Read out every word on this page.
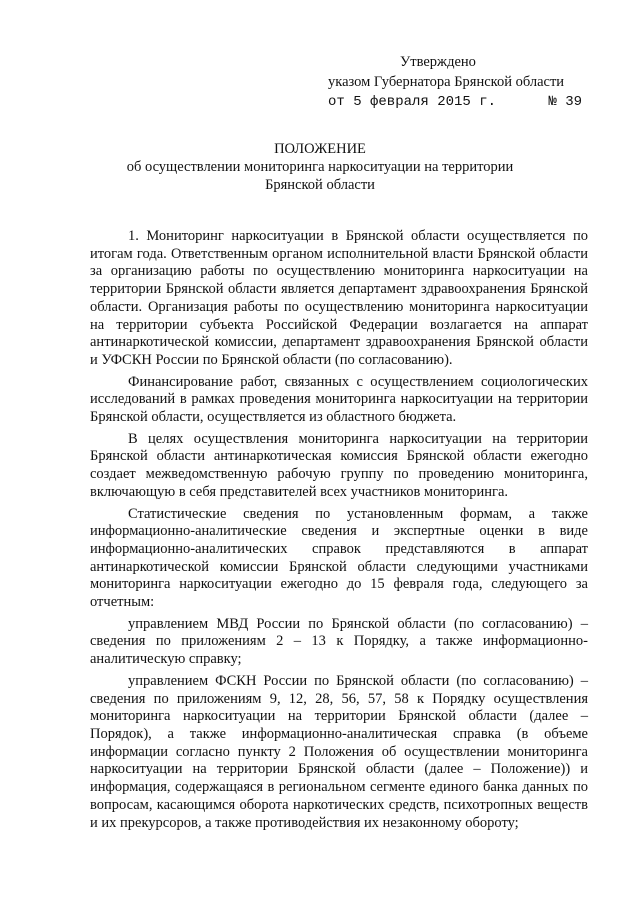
Утверждено
указом Губернатора Брянской области
от 5 февраля 2015 г.	№ 39
ПОЛОЖЕНИЕ
об осуществлении мониторинга наркоситуации на территории
Брянской области

1. Мониторинг наркоситуации в Брянской области осуществляется по итогам года. Ответственным органом исполнительной власти Брянской области за организацию работы по осуществлению мониторинга наркоситуации на территории Брянской области является департамент здравоохранения Брянской области. Организация работы по осуществлению мониторинга наркоситуации на территории субъекта Российской Федерации возлагается на аппарат антинаркотической комиссии, департамент здравоохранения Брянской области и УФСКН России по Брянской области (по согласованию).

Финансирование работ, связанных с осуществлением социологических исследований в рамках проведения мониторинга наркоситуации на территории Брянской области, осуществляется из областного бюджета.

В целях осуществления мониторинга наркоситуации на территории Брянской области антинаркотическая комиссия Брянской области ежегодно создает межведомственную рабочую группу по проведению мониторинга, включающую в себя представителей всех участников мониторинга.

Статистические сведения по установленным формам, а также информационно-аналитические сведения и экспертные оценки в виде информационно-аналитических справок представляются в аппарат антинаркотической комиссии Брянской области следующими участниками мониторинга наркоситуации ежегодно до 15 февраля года, следующего за отчетным:

управлением МВД России по Брянской области (по согласованию) – сведения по приложениям 2 – 13 к Порядку, а также информационно-аналитическую справку;

управлением ФСКН России по Брянской области (по согласованию) – сведения по приложениям 9, 12, 28, 56, 57, 58 к Порядку осуществления мониторинга наркоситуации на территории Брянской области (далее – Порядок), а также информационно-аналитическая справка (в объеме информации согласно пункту 2 Положения об осуществлении мониторинга наркоситуации на территории Брянской области (далее – Положение)) и информация, содержащаяся в региональном сегменте единого банка данных по вопросам, касающимся оборота наркотических средств, психотропных веществ и их прекурсоров, а также противодействия их незаконному обороту;
